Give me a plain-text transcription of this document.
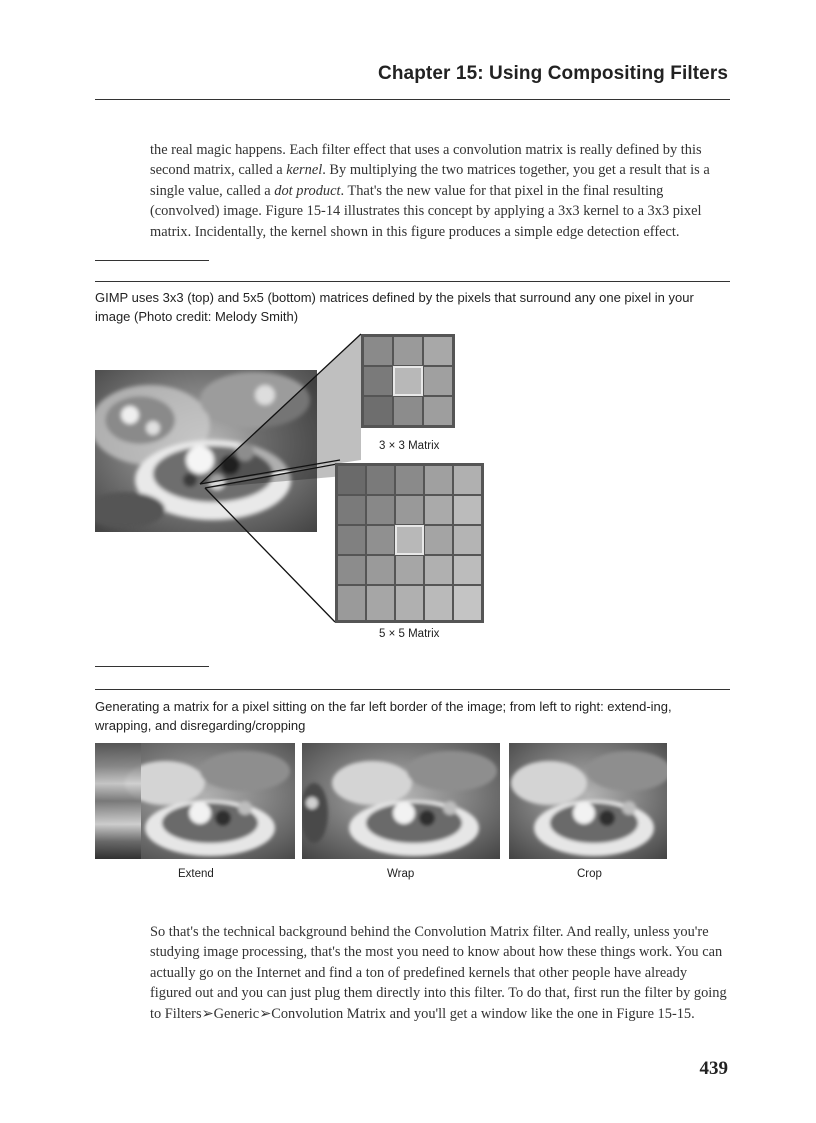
Chapter 15: Using Compositing Filters

the real magic happens. Each filter effect that uses a convolution matrix is really defined by this second matrix, called a kernel. By multiplying the two matrices together, you get a result that is a single value, called a dot product. That's the new value for that pixel in the final resulting (convolved) image. Figure 15-14 illustrates this concept by applying a 3x3 kernel to a 3x3 pixel matrix. Incidentally, the kernel shown in this figure produces a simple edge detection effect.

GIMP uses 3x3 (top) and 5x5 (bottom) matrices defined by the pixels that surround any one pixel in your image (Photo credit: Melody Smith)

3 × 3 Matrix
5 × 5 Matrix

Generating a matrix for a pixel sitting on the far left border of the image; from left to right: extend-ing, wrapping, and disregarding/cropping

Extend	Wrap	Crop

So that's the technical background behind the Convolution Matrix filter. And really, unless you're studying image processing, that's the most you need to know about how these things work. You can actually go on the Internet and find a ton of predefined kernels that other people have already figured out and you can just plug them directly into this filter. To do that, first run the filter by going to Filters➢Generic➢Convolution Matrix and you'll get a window like the one in Figure 15-15.

439
